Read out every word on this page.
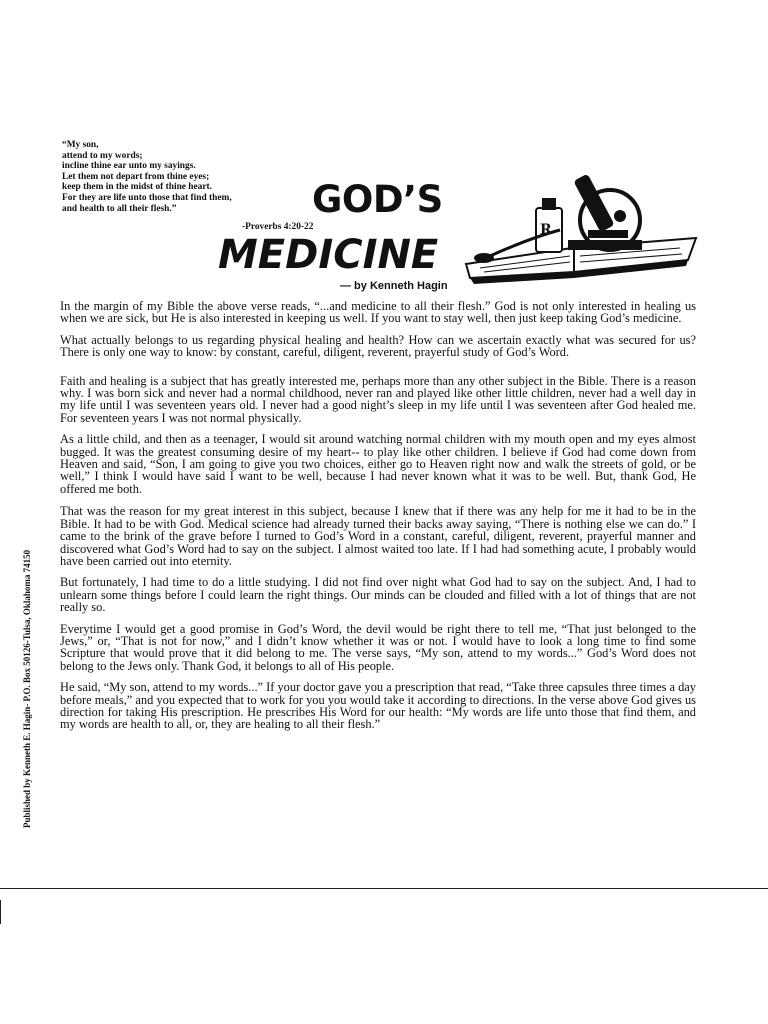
“My son,
attend to my words;
incline thine ear unto my sayings.
Let them not depart from thine eyes;
keep them in the midst of thine heart.
For they are life unto those that find them,
and health to all their flesh.”
-Proverbs 4:20-22
GOD’S
MEDICINE
— by Kenneth Hagin
R
Published by Kenneth E. Hagin- P.O. Box 50126-Tulsa, Oklahoma 74150

In the margin of my Bible the above verse reads, “...and medicine to all their flesh.” God is not only interested in healing us when we are sick, but He is also interested in keeping us well. If you want to stay well, then just keep taking God’s medicine.

What actually belongs to us regarding physical healing and health? How can we ascertain exactly what was secured for us? There is only one way to know: by constant, careful, diligent, reverent, prayerful study of God’s Word.

Faith and healing is a subject that has greatly interested me, perhaps more than any other subject in the Bible. There is a reason why. I was born sick and never had a normal childhood, never ran and played like other little children, never had a well day in my life until I was seventeen years old. I never had a good night’s sleep in my life until I was seventeen after God healed me. For seventeen years I was not normal physically.

As a little child, and then as a teenager, I would sit around watching normal children with my mouth open and my eyes almost bugged. It was the greatest consuming desire of my heart-- to play like other children. I believe if God had come down from Heaven and said, “Son, I am going to give you two choices, either go to Heaven right now and walk the streets of gold, or be well,” I think I would have said I want to be well, because I had never known what it was to be well. But, thank God, He offered me both.

That was the reason for my great interest in this subject, because I knew that if there was any help for me it had to be in the Bible. It had to be with God. Medical science had already turned their backs away saying, “There is nothing else we can do.” I came to the brink of the grave before I turned to God’s Word in a constant, careful, diligent, reverent, prayerful manner and discovered what God’s Word had to say on the subject. I almost waited too late. If I had had something acute, I probably would have been carried out into eternity.

But fortunately, I had time to do a little studying. I did not find over night what God had to say on the subject. And, I had to unlearn some things before I could learn the right things. Our minds can be clouded and filled with a lot of things that are not really so.

Everytime I would get a good promise in God’s Word, the devil would be right there to tell me, “That just belonged to the Jews,” or, “That is not for now,” and I didn’t know whether it was or not. I would have to look a long time to find some Scripture that would prove that it did belong to me. The verse says, “My son, attend to my words...” God’s Word does not belong to the Jews only. Thank God, it belongs to all of His people.

He said, “My son, attend to my words...” If your doctor gave you a prescription that read, “Take three capsules three times a day before meals,” and you expected that to work for you you would take it according to directions. In the verse above God gives us direction for taking His prescription. He prescribes His Word for our health: “My words are life unto those that find them, and my words are health to all, or, they are healing to all their flesh.”
